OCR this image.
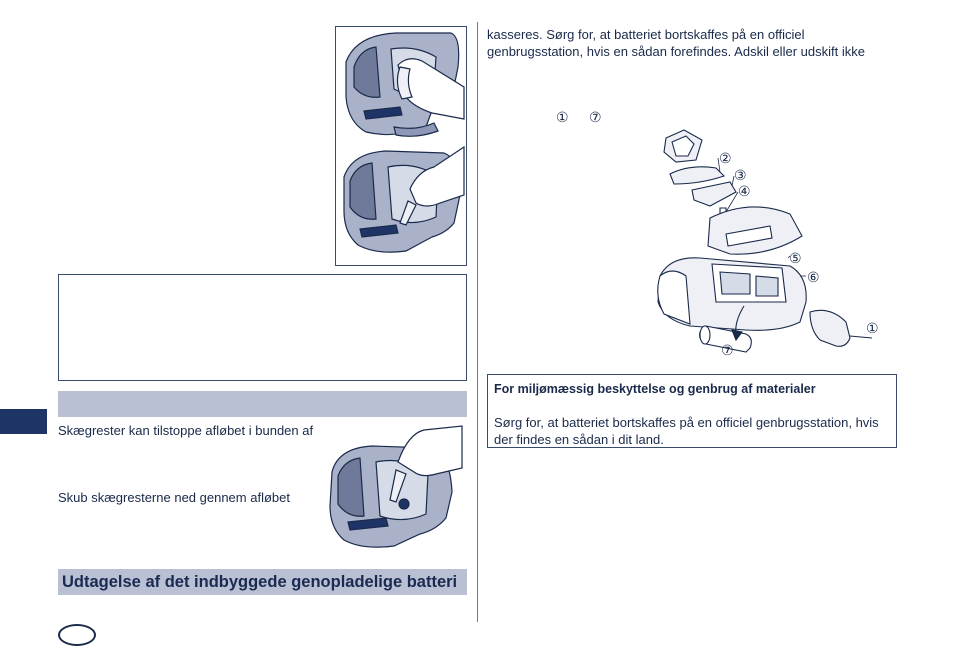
Skægrester kan tilstoppe afløbet i bunden af
Skub skægresterne ned gennem afløbet
Udtagelse af det indbyggede genopladelige batteri
kasseres. Sørg for, at batteriet bortskaffes på en officiel
genbrugsstation, hvis en sådan forefindes. Adskil eller udskift ikke
① ⑦
②
③
④
⑤
⑥
①
⑦
For miljømæssig beskyttelse og genbrug af materialer
Sørg for, at batteriet bortskaffes på en officiel genbrugsstation, hvis
der findes en sådan i dit land.
